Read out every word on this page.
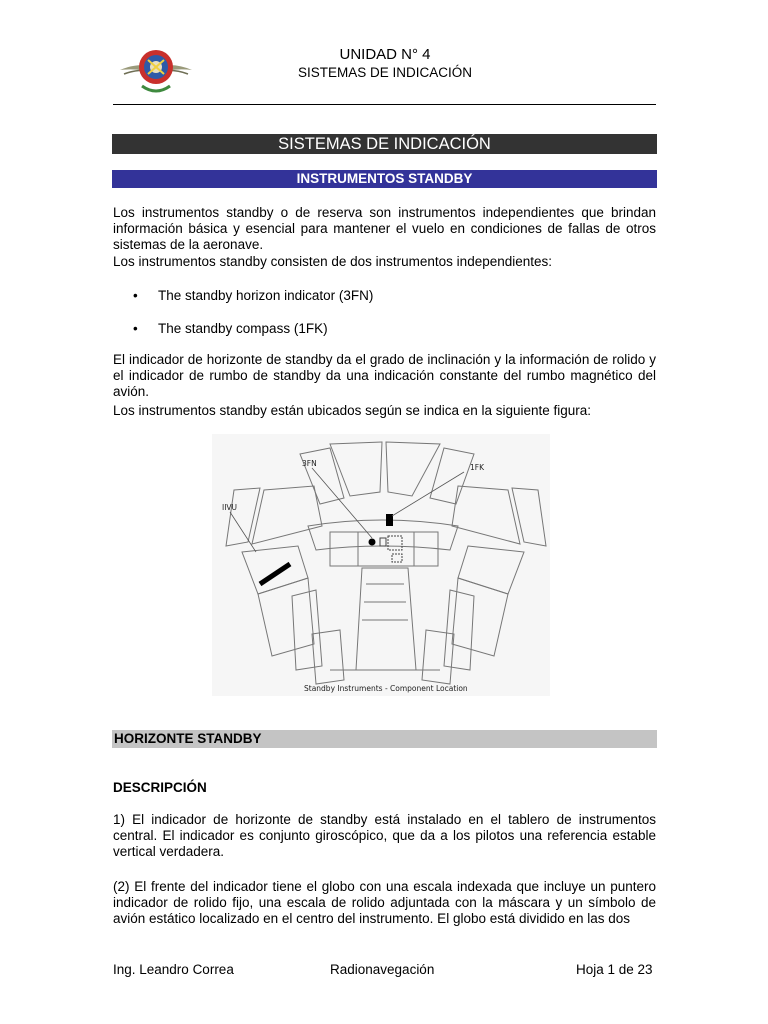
UNIDAD N° 4
SISTEMAS DE INDICACIÓN
SISTEMAS DE INDICACIÓN
INSTRUMENTOS STANDBY
Los instrumentos standby o de reserva son instrumentos independientes que brindan información básica y esencial para mantener el vuelo en condiciones de fallas de otros sistemas de la aeronave.
Los instrumentos standby consisten de dos instrumentos independientes:
• The standby horizon indicator (3FN)
• The standby compass (1FK)
El indicador de horizonte de standby da el grado de inclinación y la información de rolido y el indicador de rumbo de standby da una indicación constante del rumbo magnético del avión.
Los instrumentos standby están ubicados según se indica en la siguiente figura:
3FN	1FK
IIVU
Standby Instruments - Component Location
HORIZONTE STANDBY
DESCRIPCIÓN
1) El indicador de horizonte de standby está instalado en el tablero de instrumentos central. El indicador es conjunto giroscópico, que da a los pilotos una referencia estable vertical verdadera.
(2) El frente del indicador tiene el globo con una escala indexada que incluye un puntero indicador de rolido fijo, una escala de rolido adjuntada con la máscara y un símbolo de avión estático localizado en el centro del instrumento. El globo está dividido en las dos
Ing. Leandro Correa	Radionavegación	Hoja 1 de 23
